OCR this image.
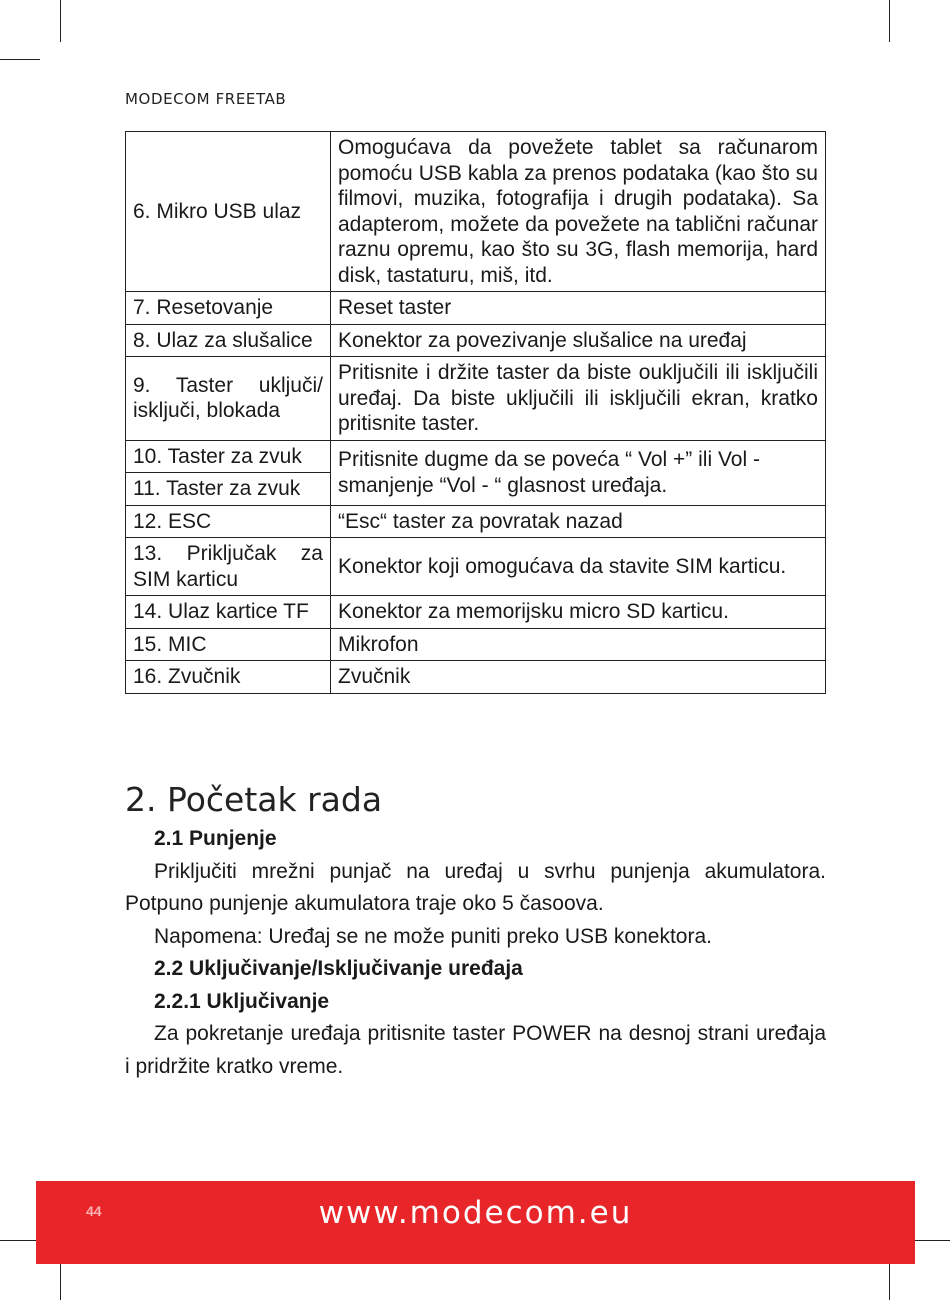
MODECOM FREETAB
6. Mikro USB ulaz	Omogućava da povežete tablet sa računarom pomoću USB kabla za prenos podataka (kao što su filmovi, muzika, fotografija i drugih podataka). Sa adapterom, možete da povežete na tablični računar raznu opremu, kao što su 3G, flash memorija, hard disk, tastaturu, miš, itd.
7. Resetovanje	Reset taster
8. Ulaz za slušalice	Konektor za povezivanje slušalice na uređaj
9. Taster uključi/ isključi, blokada	Pritisnite i držite taster da biste ouključili ili isključili uređaj. Da biste uključili ili isključili ekran, kratko pritisnite taster.
10. Taster za zvuk	Pritisnite dugme da se poveća “ Vol +” ili Vol - smanjenje “Vol - “ glasnost uređaja.
11. Taster za zvuk	
12. ESC	“Esc“ taster za povratak nazad
13. Priključak za SIM karticu	Konektor koji omogućava da stavite SIM karticu.
14. Ulaz kartice TF	Konektor za memorijsku micro SD karticu.
15. MIC	Mikrofon
16. Zvučnik	Zvučnik
2. Početak rada

2.1 Punjenje

Priključiti mrežni punjač na uređaj u svrhu punjenja akumulatora. Potpuno punjenje akumulatora traje oko 5 časoova.

Napomena: Uređaj se ne može puniti preko USB konektora.

2.2 Uključivanje/Isključivanje uređaja

2.2.1 Uključivanje

Za pokretanje uređaja pritisnite taster POWER na desnoj strani uređaja i pridržite kratko vreme.

44	www.modecom.eu
